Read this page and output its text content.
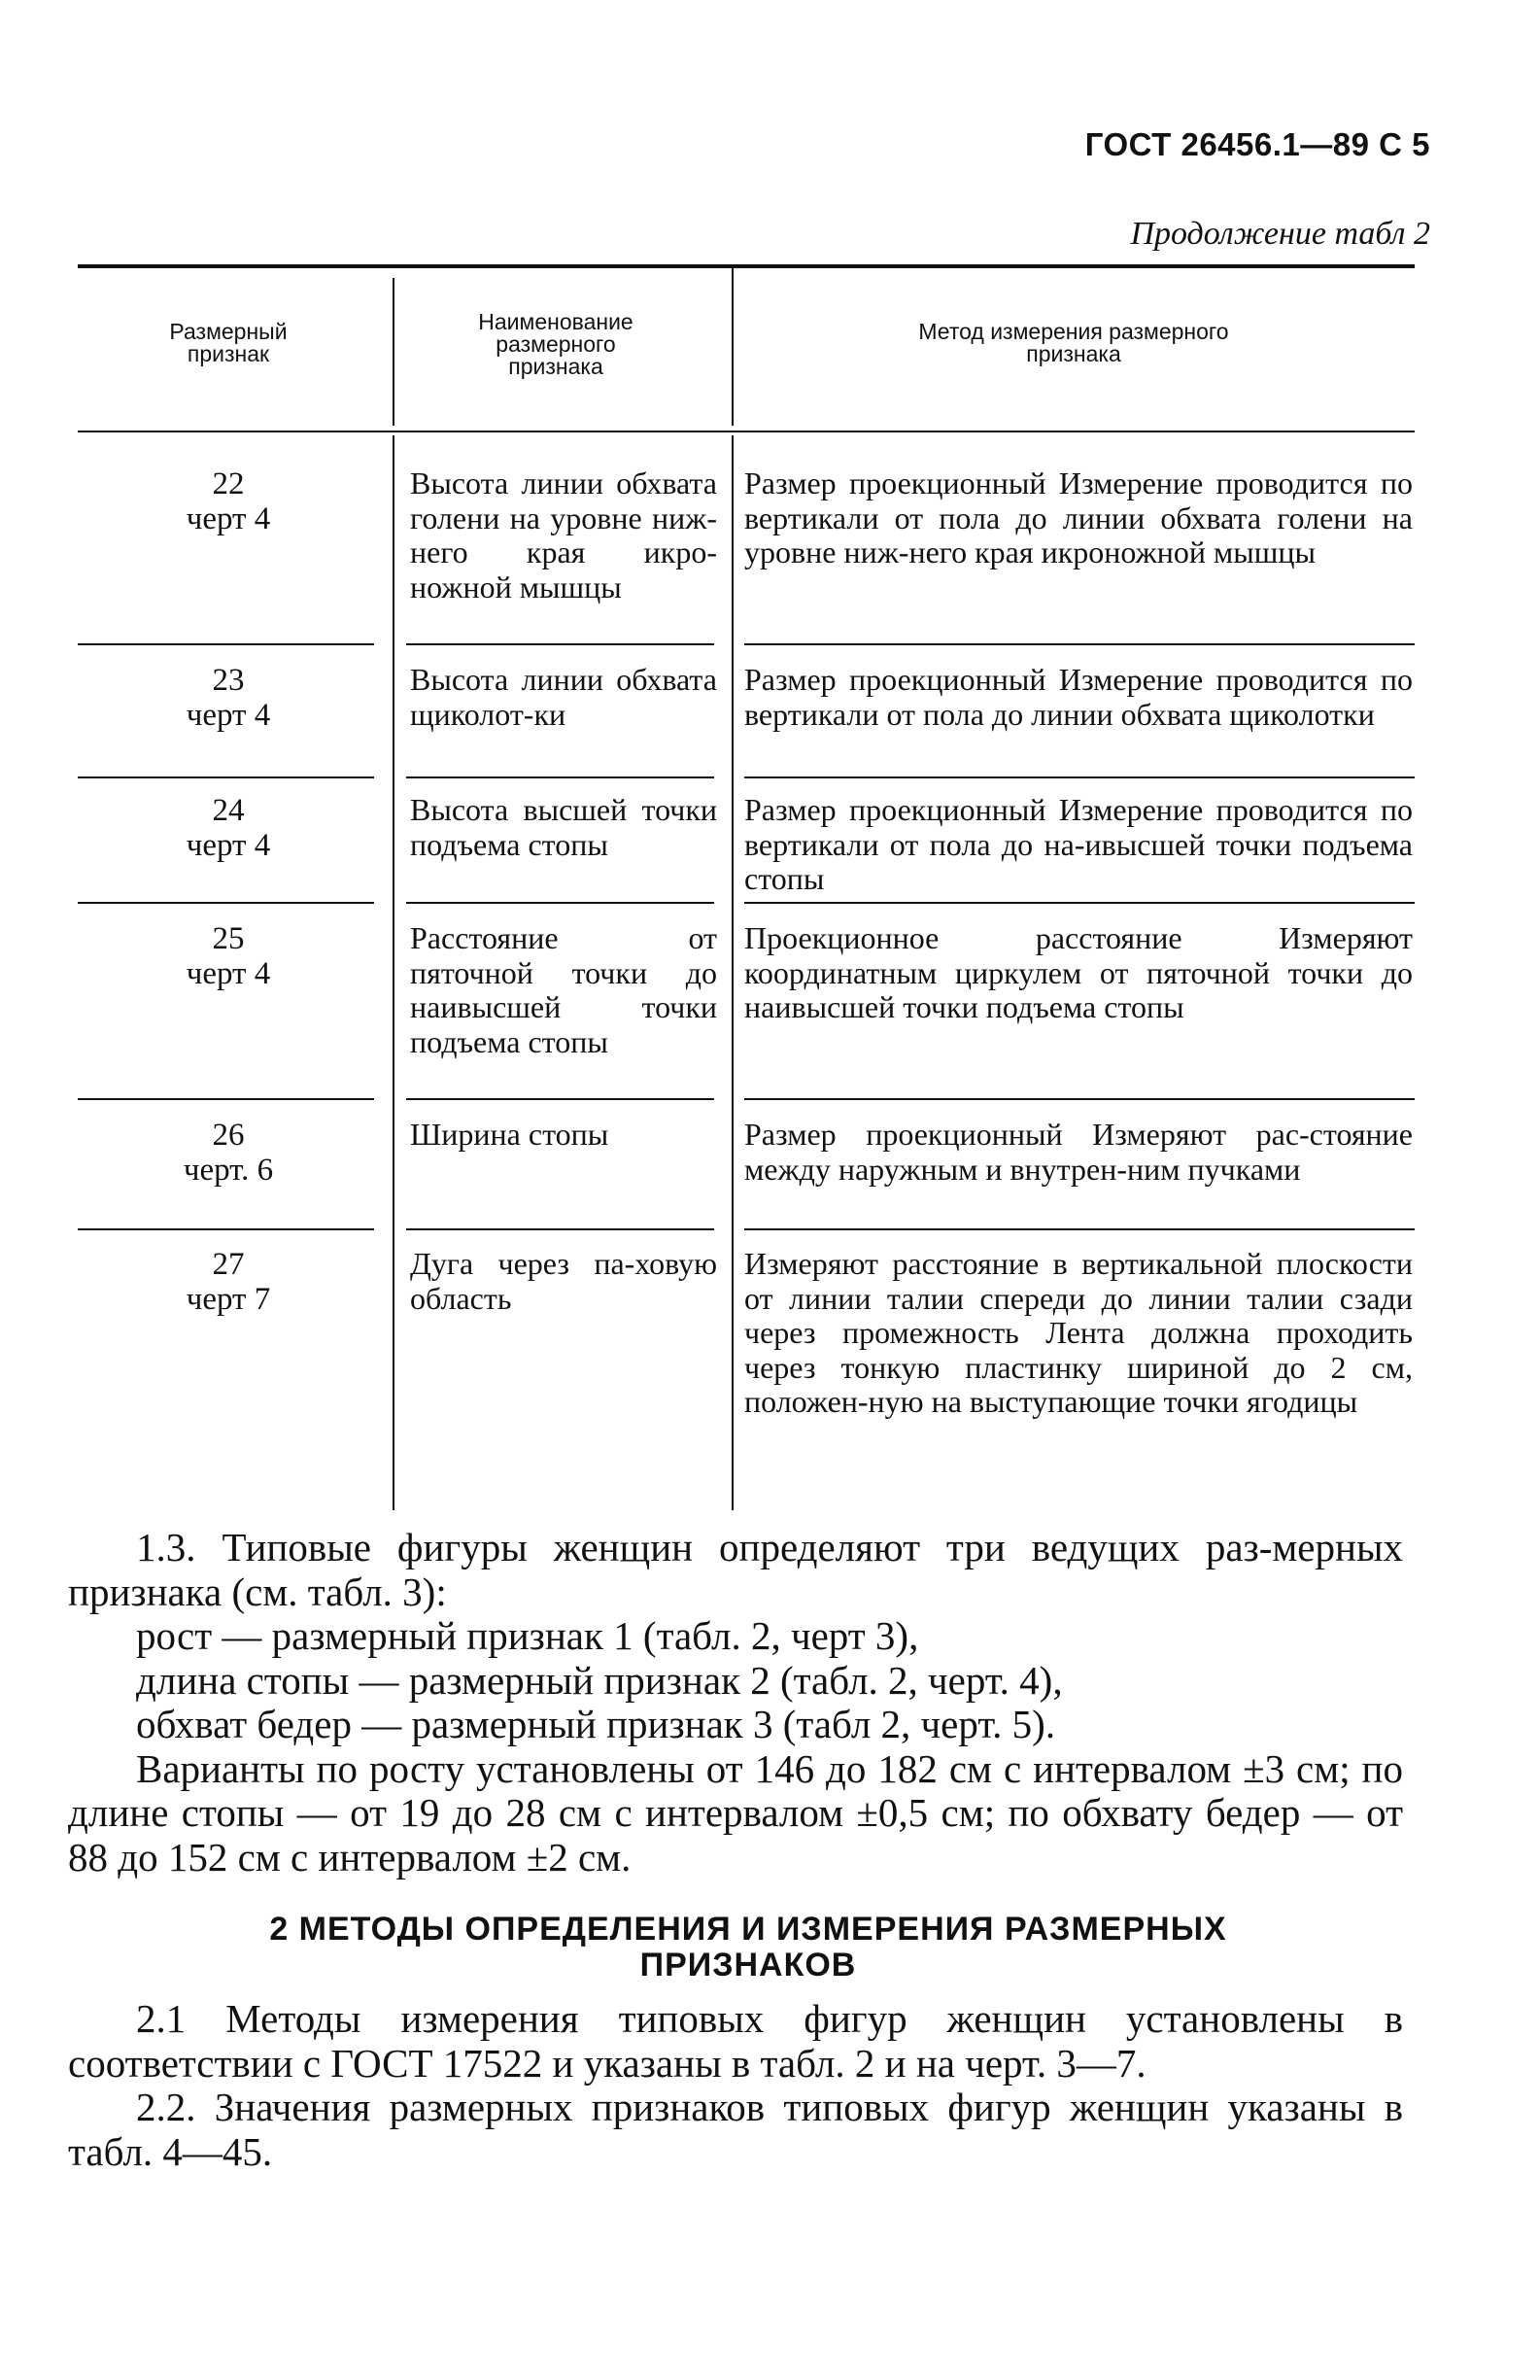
ГОСТ 26456.1—89 С 5
Продолжение табл 2
Размерный признак
Наименование размерного признака
Метод измерения размерного признака
22
черт 4
Высота линии обхвата голени на уровне ниж-него края икро-ножной мышцы
Размер проекционный Измерение проводится по вертикали от пола до линии обхвата голени на уровне ниж-него края икроножной мышцы
23
черт 4
Высота линии обхвата щиколот-ки
Размер проекционный Измерение проводится по вертикали от пола до линии обхвата щиколотки
24
черт 4
Высота высшей точки подъема стопы
Размер проекционный Измерение проводится по вертикали от пола до на-ивысшей точки подъема стопы
25
черт 4
Расстояние от пяточной точки до наивысшей точки подъема стопы
Проекционное расстояние Измеряют координатным циркулем от пяточной точки до наивысшей точки подъема стопы
26
черт. 6
Ширина стопы	Размер проекционный Измеряют рас-стояние между наружным и внутрен-ним пучками
27
черт 7
Дуга через па-ховую область
Измеряют расстояние в вертикальной плоскости от линии талии спереди до линии талии сзади через промежность Лента должна проходить через тонкую пластинку шириной до 2 см, положен-ную на выступающие точки ягодицы

1.3. Типовые фигуры женщин определяют три ведущих раз-мерных признака (см. табл. 3):

рост — размерный признак 1 (табл. 2, черт 3),

длина стопы — размерный признак 2 (табл. 2, черт. 4),

обхват бедер — размерный признак 3 (табл 2, черт. 5).

Варианты по росту установлены от 146 до 182 см с интервалом ±3 см; по длине стопы — от 19 до 28 см с интервалом ±0,5 см; по обхвату бедер — от 88 до 152 см с интервалом ±2 см.

2 МЕТОДЫ ОПРЕДЕЛЕНИЯ И ИЗМЕРЕНИЯ РАЗМЕРНЫХ
ПРИЗНАКОВ

2.1 Методы измерения типовых фигур женщин установлены в соответствии с ГОСТ 17522 и указаны в табл. 2 и на черт. 3—7.

2.2. Значения размерных признаков типовых фигур женщин указаны в табл. 4—45.
